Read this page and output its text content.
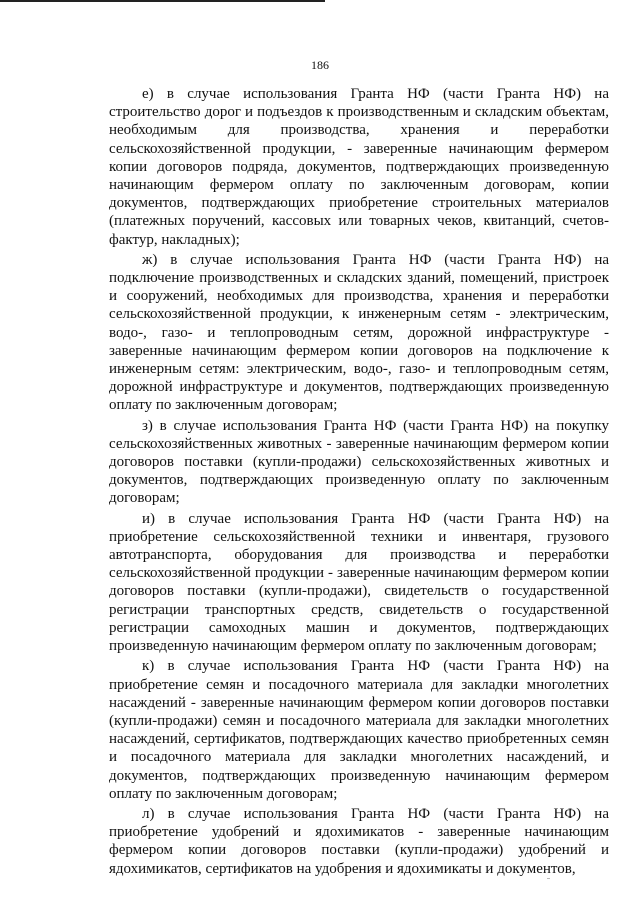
186

е) в случае использования Гранта НФ (части Гранта НФ) на строительство дорог и подъездов к производственным и складским объектам, необходимым для производства, хранения и переработки сельскохозяйственной продукции, - заверенные начинающим фермером копии договоров подряда, документов, подтверждающих произведенную начинающим фермером оплату по заключенным договорам, копии документов, подтверждающих приобретение строительных материалов (платежных поручений, кассовых или товарных чеков, квитанций, счетов-фактур, накладных);

ж) в случае использования Гранта НФ (части Гранта НФ) на подключение производственных и складских зданий, помещений, пристроек и сооружений, необходимых для производства, хранения и переработки сельскохозяйственной продукции, к инженерным сетям - электрическим, водо-, газо- и теплопроводным сетям, дорожной инфраструктуре - заверенные начинающим фермером копии договоров на подключение к инженерным сетям: электрическим, водо-, газо- и теплопроводным сетям, дорожной инфраструктуре и документов, подтверждающих произведенную оплату по заключенным договорам;

з) в случае использования Гранта НФ (части Гранта НФ) на покупку сельскохозяйственных животных - заверенные начинающим фермером копии договоров поставки (купли-продажи) сельскохозяйственных животных и документов, подтверждающих произведенную оплату по заключенным договорам;

и) в случае использования Гранта НФ (части Гранта НФ) на приобретение сельскохозяйственной техники и инвентаря, грузового автотранспорта, оборудования для производства и переработки сельскохозяйственной продукции - заверенные начинающим фермером копии договоров поставки (купли-продажи), свидетельств о государственной регистрации транспортных средств, свидетельств о государственной регистрации самоходных машин и документов, подтверждающих произведенную начинающим фермером оплату по заключенным договорам;

к) в случае использования Гранта НФ (части Гранта НФ) на приобретение семян и посадочного материала для закладки многолетних насаждений - заверенные начинающим фермером копии договоров поставки (купли-продажи) семян и посадочного материала для закладки многолетних насаждений, сертификатов, подтверждающих качество приобретенных семян и посадочного материала для закладки многолетних насаждений, и документов, подтверждающих произведенную начинающим фермером оплату по заключенным договорам;

л) в случае использования Гранта НФ (части Гранта НФ) на приобретение удобрений и ядохимикатов - заверенные начинающим фермером копии договоров поставки (купли-продажи) удобрений и ядохимикатов, сертификатов на удобрения и ядохимикаты и документов,
